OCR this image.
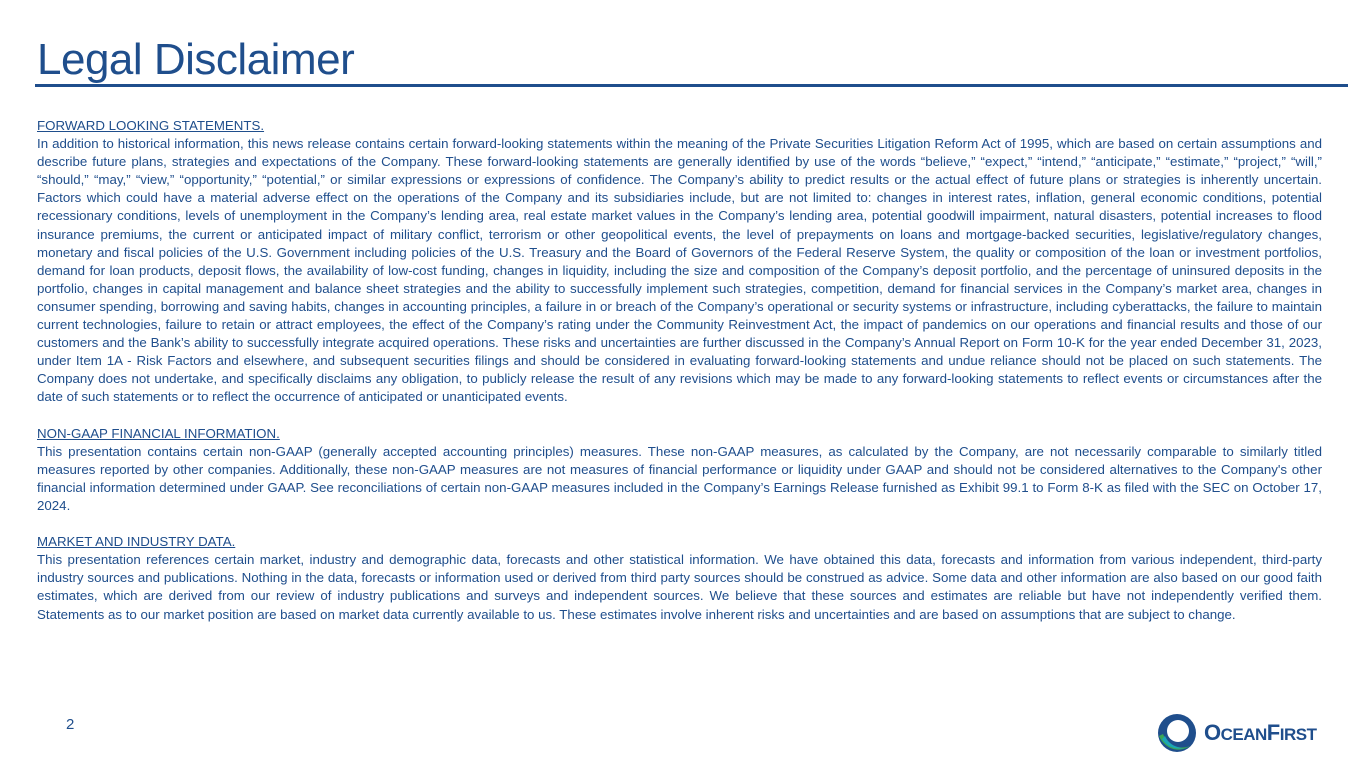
Legal Disclaimer
FORWARD LOOKING STATEMENTS.

In addition to historical information, this news release contains certain forward-looking statements within the meaning of the Private Securities Litigation Reform Act of 1995, which are based on certain assumptions and describe future plans, strategies and expectations of the Company. These forward-looking statements are generally identified by use of the words “believe,” “expect,” “intend,” “anticipate,” “estimate,” “project,” “will,” “should,” “may,” “view,” “opportunity,” “potential,” or similar expressions or expressions of confidence. The Company’s ability to predict results or the actual effect of future plans or strategies is inherently uncertain. Factors which could have a material adverse effect on the operations of the Company and its subsidiaries include, but are not limited to: changes in interest rates, inflation, general economic conditions, potential recessionary conditions, levels of unemployment in the Company’s lending area, real estate market values in the Company’s lending area, potential goodwill impairment, natural disasters, potential increases to flood insurance premiums, the current or anticipated impact of military conflict, terrorism or other geopolitical events, the level of prepayments on loans and mortgage-backed securities, legislative/regulatory changes, monetary and fiscal policies of the U.S. Government including policies of the U.S. Treasury and the Board of Governors of the Federal Reserve System, the quality or composition of the loan or investment portfolios, demand for loan products, deposit flows, the availability of low-cost funding, changes in liquidity, including the size and composition of the Company’s deposit portfolio, and the percentage of uninsured deposits in the portfolio, changes in capital management and balance sheet strategies and the ability to successfully implement such strategies, competition, demand for financial services in the Company’s market area, changes in consumer spending, borrowing and saving habits, changes in accounting principles, a failure in or breach of the Company’s operational or security systems or infrastructure, including cyberattacks, the failure to maintain current technologies, failure to retain or attract employees, the effect of the Company’s rating under the Community Reinvestment Act, the impact of pandemics on our operations and financial results and those of our customers and the Bank’s ability to successfully integrate acquired operations. These risks and uncertainties are further discussed in the Company’s Annual Report on Form 10-K for the year ended December 31, 2023, under Item 1A - Risk Factors and elsewhere, and subsequent securities filings and should be considered in evaluating forward-looking statements and undue reliance should not be placed on such statements. The Company does not undertake, and specifically disclaims any obligation, to publicly release the result of any revisions which may be made to any forward-looking statements to reflect events or circumstances after the date of such statements or to reflect the occurrence of anticipated or unanticipated events.

NON-GAAP FINANCIAL INFORMATION.

This presentation contains certain non-GAAP (generally accepted accounting principles) measures. These non-GAAP measures, as calculated by the Company, are not necessarily comparable to similarly titled measures reported by other companies. Additionally, these non-GAAP measures are not measures of financial performance or liquidity under GAAP and should not be considered alternatives to the Company's other financial information determined under GAAP. See reconciliations of certain non-GAAP measures included in the Company’s Earnings Release furnished as Exhibit 99.1 to Form 8-K as filed with the SEC on October 17, 2024.

MARKET AND INDUSTRY DATA.

This presentation references certain market, industry and demographic data, forecasts and other statistical information. We have obtained this data, forecasts and information from various independent, third-party industry sources and publications. Nothing in the data, forecasts or information used or derived from third party sources should be construed as advice. Some data and other information are also based on our good faith estimates, which are derived from our review of industry publications and surveys and independent sources. We believe that these sources and estimates are reliable but have not independently verified them. Statements as to our market position are based on market data currently available to us. These estimates involve inherent risks and uncertainties and are based on assumptions that are subject to change.

2	OCEANFIRST
